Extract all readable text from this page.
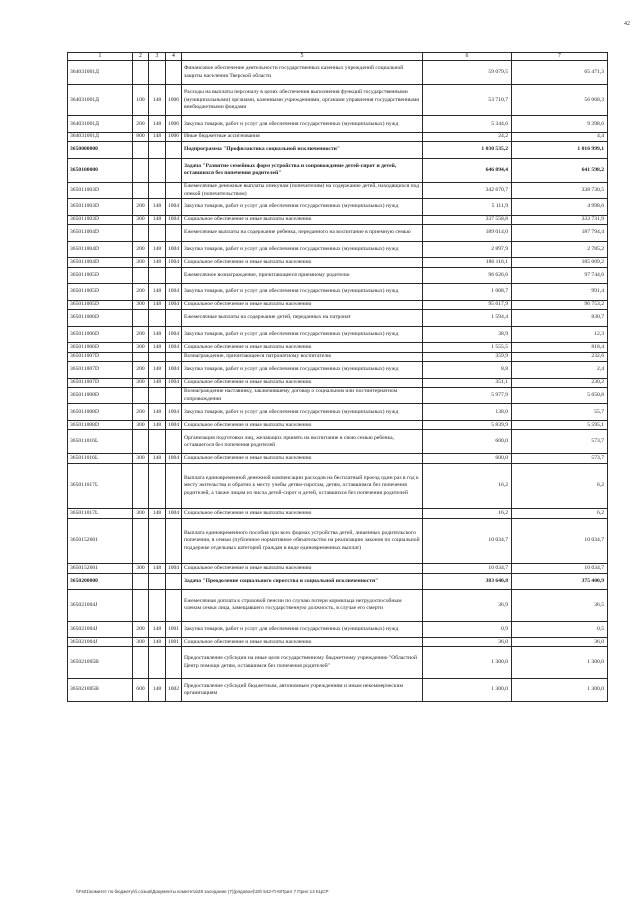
42
1	2	3	4	5	6	7
364031001Д				Финансовое обеспечение деятельности государственных казенных учреждений социальной защиты населения Тверской области	59 079,5	65 471,3
364031001Д	100	148	1006	Расходы на выплаты персоналу в целях обеспечения выполнения функций государственными (муниципальными) органами, казенными учреждениями, органами управления государственными внебюджетными фондами	53 710,7	56 068,3
364031001Д	200	148	1006	Закупка товаров, работ и услуг для обеспечения государственных (муниципальных) нужд	5 344,6	9 398,6
364031001Д	800	148	1006	Иные бюджетные ассигнования	24,2	4,4
3650000000				Подпрограмма "Профилактика социальной исключенности"	1 030 535,2	1 016 999,1
3650100000				Задача "Развитие семейных форм устройства и сопровождение детей-сирот и детей, оставшихся без попечения родителей"	646 894,4	641 598,2
365011003D				Ежемесячные денежные выплаты опекунам (попечителям) на содержание детей, находящихся под опекой (попечительством)	342 670,7	338 730,5
365011003D	200	148	1004	Закупка товаров, работ и услуг для обеспечения государственных (муниципальных) нужд	5 111,9	4 998,6
365011003D	300	148	1004	Социальное обеспечение и иные выплаты населению	337 558,8	333 731,9
365011004D				Ежемесячные выплаты на содержание ребенка, переданного на воспитание в приемную семью	189 014,0	187 794,4
365011004D	200	148	1004	Закупка товаров, работ и услуг для обеспечения государственных (муниципальных) нужд	2 897,9	2 785,2
365011004D	300	148	1004	Социальное обеспечение и иные выплаты населению	186 116,1	185 009,2
365011005D				Ежемесячное вознаграждение, причитающееся приемному родителю	96 626,6	97 744,6
365011005D	200	148	1004	Закупка товаров, работ и услуг для обеспечения государственных (муниципальных) нужд	1 008,7	991,4
365011005D	300	148	1004	Социальное обеспечение и иные выплаты населению	95 617,9	96 753,2
365011006D				Ежемесячные выплаты на содержание детей, переданных на патронат	1 594,4	830,7
365011006D	200	148	1004	Закупка товаров, работ и услуг для обеспечения государственных (муниципальных) нужд	38,9	12,3
365011006D	300	148	1004	Социальное обеспечение и иные выплаты населению	1 555,5	818,4
365011007D				Вознаграждение, причитающееся патронатному воспитателю	359,9	232,6
365011007D	200	148	1004	Закупка товаров, работ и услуг для обеспечения государственных (муниципальных) нужд	8,8	2,4
365011007D	300	148	1004	Социальное обеспечение и иные выплаты населению	351,1	230,2
365011008D				Вознаграждение наставнику, заключившему договор о социальном или постинтернатном сопровождении	5 977,9	5 650,8
365011008D	200	148	1004	Закупка товаров, работ и услуг для обеспечения государственных (муниципальных) нужд	138,0	55,7
365011008D	300	148	1004	Социальное обеспечение и иные выплаты населению	5 839,9	5 595,1
365011016L				Организация подготовки лиц, желающих принять на воспитание в свою семью ребенка, оставшегося без попечения родителей	600,0	573,7
365011016L	300	148	1004	Социальное обеспечение и иные выплаты населению	600,0	573,7
365011017L				Выплата единовременной денежной компенсации расходов на бесплатный проезд один раз в год к месту жительства и обратно к месту учебы детям-сиротам, детям, оставшимся без попечения родителей, а также лицам из числа детей-сирот и детей, оставшихся без попечения родителей	16,2	6,2
365011017L	300	148	1004	Социальное обеспечение и иные выплаты населению	16,2	6,2
3650152601				Выплата единовременного пособия при всех формах устройства детей, лишенных родительского попечения, в семью (публичное нормативное обязательство на реализацию законов по социальной поддержке отдельных категорий граждан в виде единовременных выплат)	10 034,7	10 034,7
3650152601	300	148	1004	Социальное обеспечение и иные выплаты населению	10 034,7	10 034,7
3650200000				Задача "Преодоление социального сиротства и социальной исключенности"	383 640,8	375 400,9
365021004J				Ежемесячная доплата к страховой пенсии по случаю потери кормильца нетрудоспособным членам семьи лица, замещавшего государственную должность, в случае его смерти	36,9	36,5
365021004J	200	148	1001	Закупка товаров, работ и услуг для обеспечения государственных (муниципальных) нужд	0,9	0,5
365021004J	300	148	1001	Социальное обеспечение и иные выплаты населению	36,0	36,0
365021005B				Предоставление субсидии на иные цели государственному бюджетному учреждению "Областной Центр помощи детям, оставшимся без попечения родителей"	1 300,0	1 300,0
365021005B	600	148	1002	Предоставление субсидий бюджетным, автономным учреждениям и иным некоммерческим организациям	1 300,0	1 300,0
\\Fs01\комитет по бюджету\б.созыв\Документы комитета\28 заседание (7)(рядовое)\28\ 542-П-6\Прил 7 Прил 14 КЦСР
